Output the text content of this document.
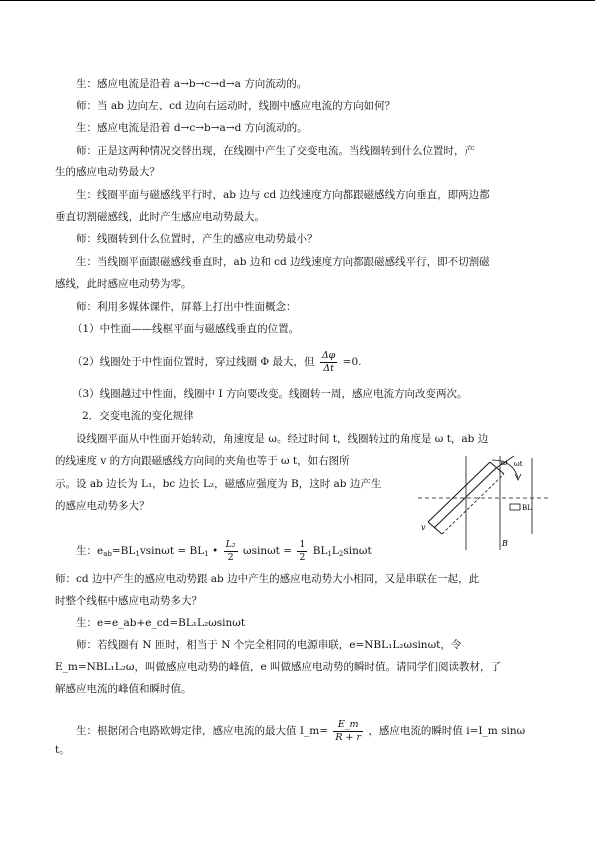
生：感应电流是沿着 a→b→c→d→a 方向流动的。
师：当 ab 边向左、cd 边向右运动时，线圈中感应电流的方向如何？
生：感应电流是沿着 d→c→b→a→d 方向流动的。
师：正是这两种情况交替出现，在线圈中产生了交变电流。当线圈转到什么位置时，产
生的感应电动势最大？
生：线圈平面与磁感线平行时，ab 边与 cd 边线速度方向都跟磁感线方向垂直，即两边都
垂直切割磁感线，此时产生感应电动势最大。
师：线圈转到什么位置时，产生的感应电动势最小？
生：当线圈平面跟磁感线垂直时，ab 边和 cd 边线速度方向都跟磁感线平行，即不切割磁
感线，此时感应电动势为零。
师：利用多媒体课件，屏幕上打出中性面概念：
（1）中性面——线框平面与磁感线垂直的位置。
（2）线圈处于中性面位置时，穿过线圈 Φ 最大，但 $\frac{\Delta\varphi}{\Delta t} =0$.
（3）线圈越过中性面，线圈中 I 方向要改变。线圈转一周，感应电流方向改变两次。
2．交变电流的变化规律
设线圈平面从中性面开始转动，角速度是 ω。经过时间 t，线圈转过的角度是 ω t，ab 边
的线速度 v 的方向跟磁感线方向间的夹角也等于 ω t，如右图所
示。设 ab 边长为 L₁，bc 边长 L₂，磁感应强度为 B，这时 ab 边产生
的感应电动势多大？
生：$e_{ab}=BL_1vsin\omega t = BL_1$ • $\frac{\text{L₂}}{2}$ $\omega\sin\omega t = \frac{1}{2} BL_1L_2\sin\omega t$
师：cd 边中产生的感应电动势跟 ab 边中产生的感应电动势大小相同，又是串联在一起，此
时整个线框中感应电动势多大？
生：e=e_ab+e_cd=BL₁L₂ωsinωt
师：若线圈有 N 匝时，相当于 N 个完全相同的电源串联，e=NBL₁L₂ωsinωt，令
E_m=NBL₁L₂ω，叫做感应电动势的峰值，e 叫做感应电动势的瞬时值。请同学们阅读教材，了
解感应电流的峰值和瞬时值。
生：根据闭合电路欧姆定律，感应电流的最大值 I_m= $\frac{E\_m}{R + r}$ ，感应电流的瞬时值 i=I_m sinω
t。
ω ωt
BL
B
v
